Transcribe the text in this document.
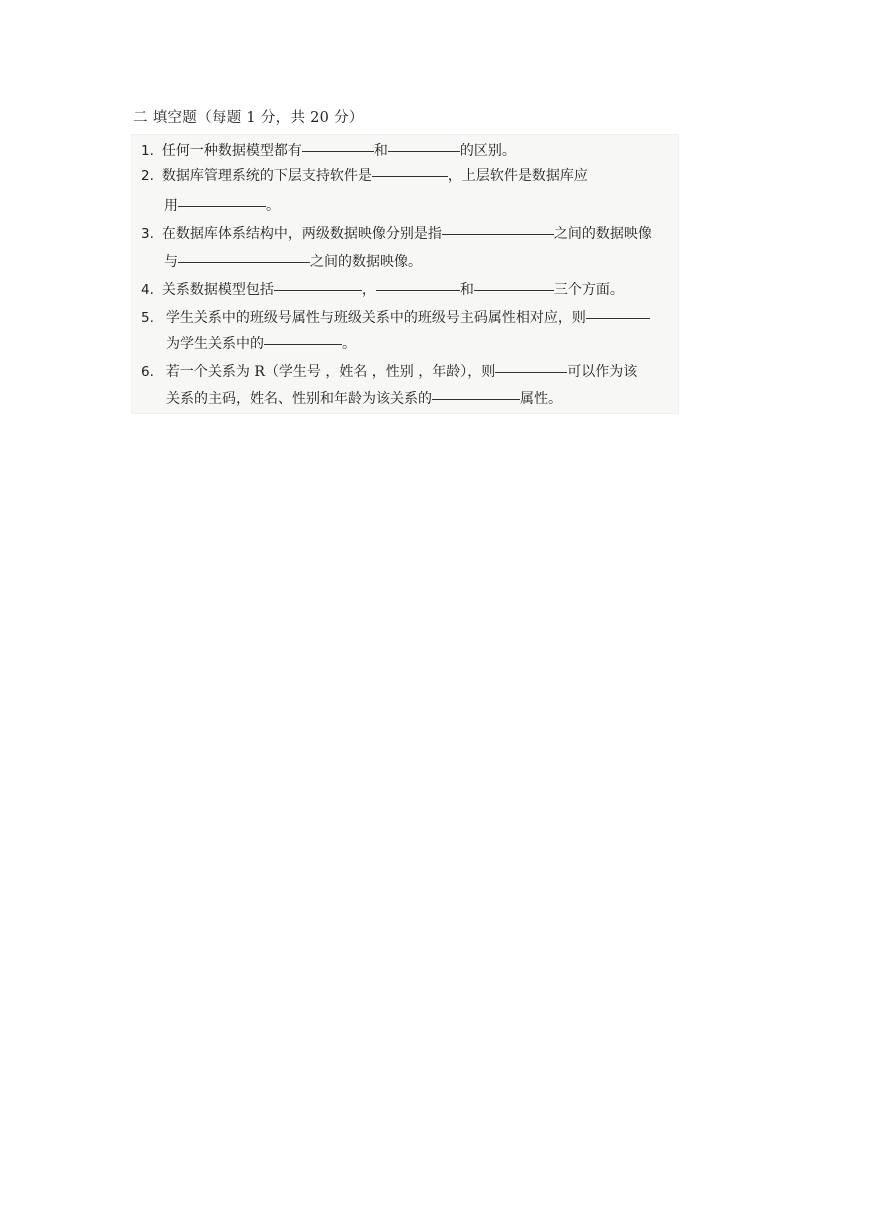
二 填空题（每题 1 分，共 20 分）
1. 任何一种数据模型都有	和	的区别。
2. 数据库管理系统的下层支持软件是	，上层软件是数据库应
用	。
3. 在数据库体系结构中，两级数据映像分别是指	之间的数据映像
与	之间的数据映像。
4. 关系数据模型包括	，	和	三个方面。
5. 学生关系中的班级号属性与班级关系中的班级号主码属性相对应，则
为学生关系中的	。
6. 若一个关系为 R（学生号 ，姓名 ，性别 ，年龄），则	可以作为该
关系的主码，姓名、性别和年龄为该关系的	属性。
